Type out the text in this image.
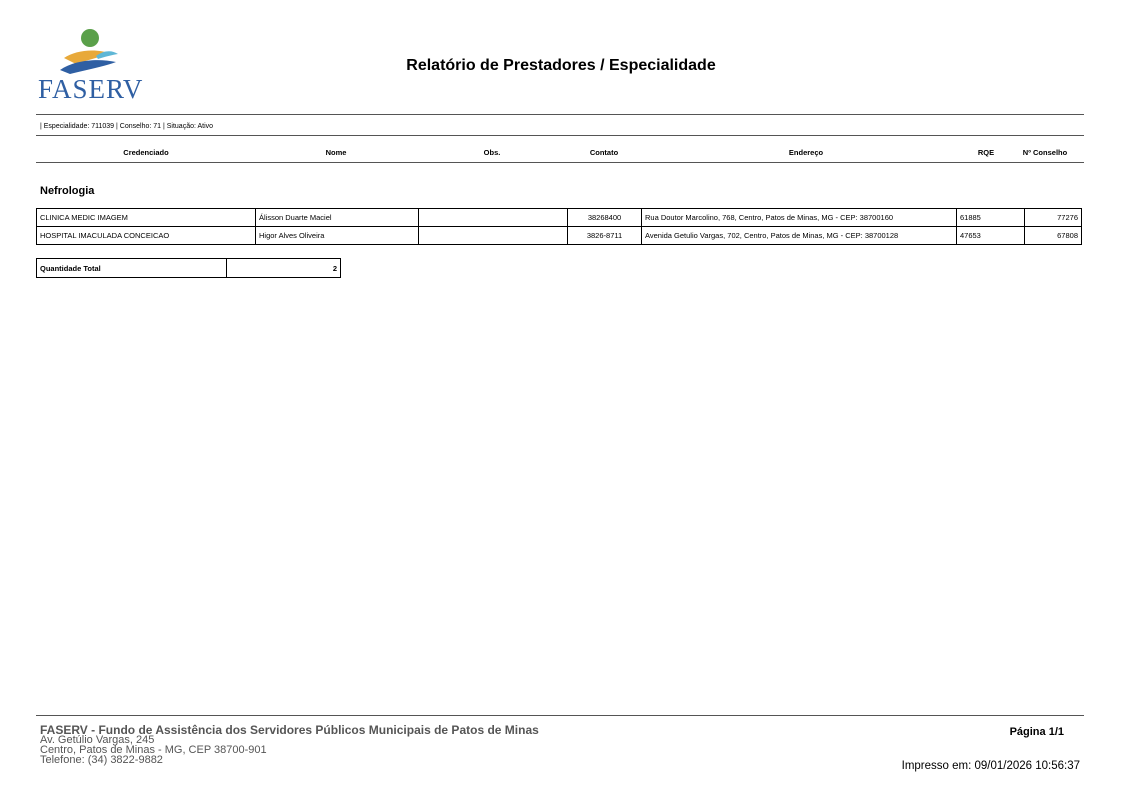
FASERV
Relatório de Prestadores / Especialidade
| Especialidade: 711039 | Conselho: 71 | Situação: Ativo
Credenciado	Nome	Obs.	Contato	Endereço	RQE	Nº Conselho
Nefrologia
CLINICA MEDIC IMAGEM	Álisson Duarte Maciel		38268400	Rua Doutor Marcolino, 768, Centro, Patos de Minas, MG - CEP: 38700160	61885	77276
HOSPITAL IMACULADA CONCEICAO	Higor Alves Oliveira		3826-8711	Avenida Getulio Vargas, 702, Centro, Patos de Minas, MG - CEP: 38700128	47653	67808
Quantidade Total	2
FASERV - Fundo de Assistência dos Servidores Públicos Municipais de Patos de Minas
Av. Getúlio Vargas, 245
Centro, Patos de Minas - MG, CEP 38700-901
Telefone: (34) 3822-9882
Página 1/1
Impresso em: 09/01/2026 10:56:37
